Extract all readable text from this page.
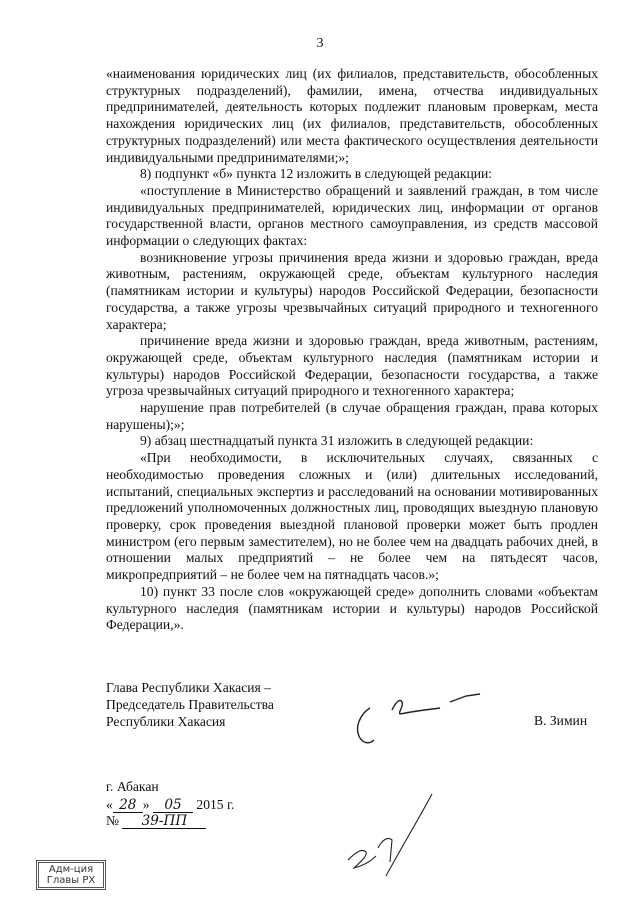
3

«наименования юридических лиц (их филиалов, представительств, обособленных структурных подразделений), фамилии, имена, отчества индивидуальных предпринимателей, деятельность которых подлежит плановым проверкам, места нахождения юридических лиц (их филиалов, представительств, обособленных структурных подразделений) или места фактического осуществления деятельности индивидуальными предпринимателями;»;

8) подпункт «б» пункта 12 изложить в следующей редакции:

«поступление в Министерство обращений и заявлений граждан, в том числе индивидуальных предпринимателей, юридических лиц, информации от органов государственной власти, органов местного самоуправления, из средств массовой информации о следующих фактах:

возникновение угрозы причинения вреда жизни и здоровью граждан, вреда животным, растениям, окружающей среде, объектам культурного наследия (памятникам истории и культуры) народов Российской Федерации, безопасности государства, а также угрозы чрезвычайных ситуаций природного и техногенного характера;

причинение вреда жизни и здоровью граждан, вреда животным, растениям, окружающей среде, объектам культурного наследия (памятникам истории и культуры) народов Российской Федерации, безопасности государства, а также угроза чрезвычайных ситуаций природного и техногенного характера;

нарушение прав потребителей (в случае обращения граждан, права которых нарушены);»;

9) абзац шестнадцатый пункта 31 изложить в следующей редакции:

«При необходимости, в исключительных случаях, связанных с необходимостью проведения сложных и (или) длительных исследований, испытаний, специальных экспертиз и расследований на основании мотивированных предложений уполномоченных должностных лиц, проводящих выездную плановую проверку, срок проведения выездной плановой проверки может быть продлен министром (его первым заместителем), но не более чем на двадцать рабочих дней, в отношении малых предприятий – не более чем на пятьдесят часов, микропредприятий – не более чем на пятнадцать часов.»;

10) пункт 33 после слов «окружающей среде» дополнить словами «объектам культурного наследия (памятникам истории и культуры) народов Российской Федерации,».

Глава Республики Хакасия –
Председатель Правительства
Республики Хакасия	В. Зимин
г. Абакан
« 28 » 05 2015 г.
№ 39-ПП
Адм-ция
Главы РХ
